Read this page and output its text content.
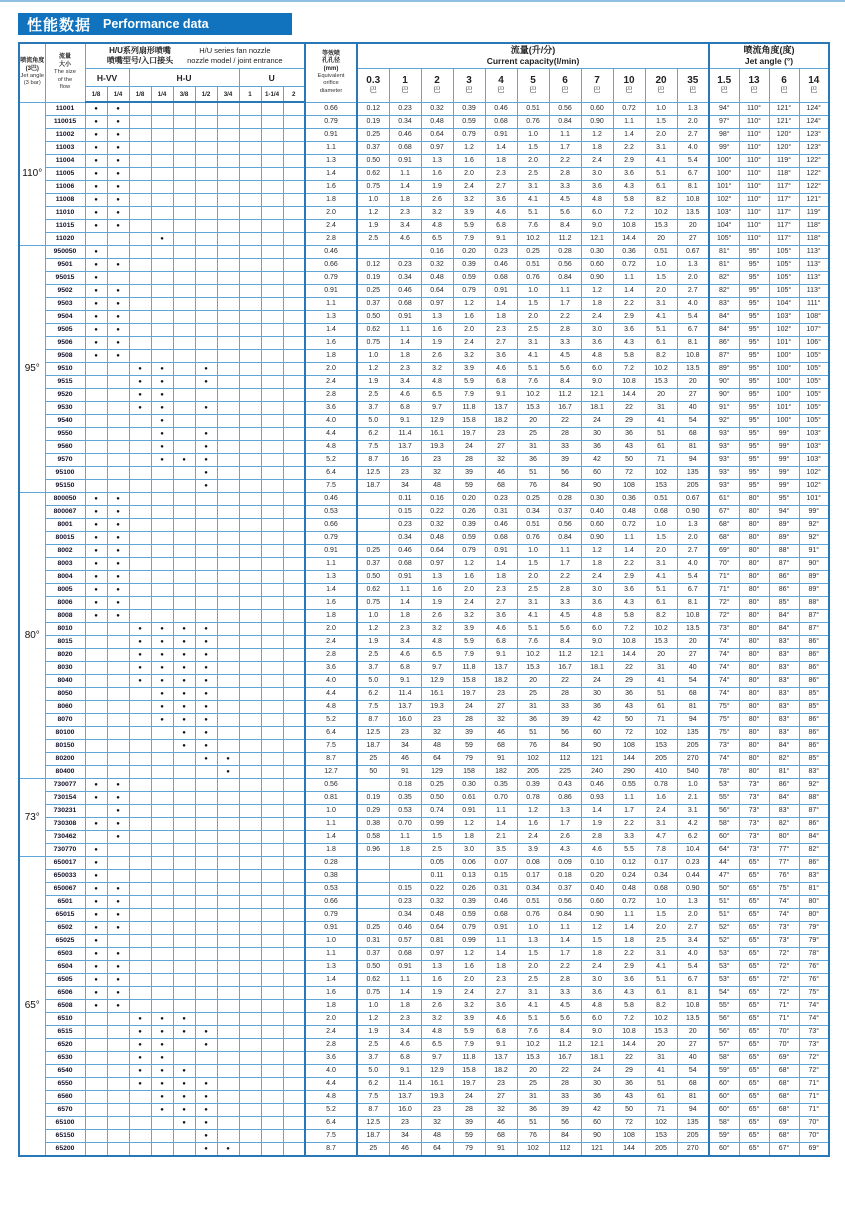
性能数据 Performance data
喷流角度
(3巴)
Jet angle
(3 bar)

流量
大小
The size
of the
flow

H/U系列扇形喷嘴
喷嘴型号/入口接头
H/U series fan nozzle
nozzle model / joint entrance

等效喷
孔孔径
(mm)
Equivalent
orifice
diameter

流量(升/分)
Current capacity(l/min)

喷流角度(度)
Jet angle (°)

H-VV	H-U	U	0.3
巴

1
巴

2
巴

3
巴

4
巴

5
巴

6
巴

7
巴

10
巴

20
巴

35
巴

1.5
巴

13
巴

6
巴

14
巴

		1/8	1/4	1/8	1/4	3/8	1/2	3/4	1	1-1/4	2																
110°	11001	●	●									0.66	0.12	0.23	0.32	0.39	0.46	0.51	0.56	0.60	0.72	1.0	1.3	94°	110°	121°	124°
	110015	●	●									0.79	0.19	0.34	0.48	0.59	0.68	0.76	0.84	0.90	1.1	1.5	2.0	97°	110°	121°	124°
	11002	●	●									0.91	0.25	0.46	0.64	0.79	0.91	1.0	1.1	1.2	1.4	2.0	2.7	98°	110°	120°	123°
	11003	●	●									1.1	0.37	0.68	0.97	1.2	1.4	1.5	1.7	1.8	2.2	3.1	4.0	99°	110°	120°	123°
	11004	●	●									1.3	0.50	0.91	1.3	1.6	1.8	2.0	2.2	2.4	2.9	4.1	5.4	100°	110°	119°	122°
	11005	●	●									1.4	0.62	1.1	1.6	2.0	2.3	2.5	2.8	3.0	3.6	5.1	6.7	100°	110°	118°	122°
	11006	●	●									1.6	0.75	1.4	1.9	2.4	2.7	3.1	3.3	3.6	4.3	6.1	8.1	101°	110°	117°	122°
	11008	●	●									1.8	1.0	1.8	2.6	3.2	3.6	4.1	4.5	4.8	5.8	8.2	10.8	102°	110°	117°	121°
	11010	●	●									2.0	1.2	2.3	3.2	3.9	4.6	5.1	5.6	6.0	7.2	10.2	13.5	103°	110°	117°	119°
	11015	●	●									2.4	1.9	3.4	4.8	5.9	6.8	7.6	8.4	9.0	10.8	15.3	20	104°	110°	117°	118°
	11020				●							2.8	2.5	4.6	6.5	7.9	9.1	10.2	11.2	12.1	14.4	20	27	105°	110°	117°	118°
95°	950050	●										0.46			0.16	0.20	0.23	0.25	0.28	0.30	0.36	0.51	0.67	81°	95°	105°	113°
	9501	●	●									0.66	0.12	0.23	0.32	0.39	0.46	0.51	0.56	0.60	0.72	1.0	1.3	81°	95°	105°	113°
	95015	●										0.79	0.19	0.34	0.48	0.59	0.68	0.76	0.84	0.90	1.1	1.5	2.0	82°	95°	105°	113°
	9502	●	●									0.91	0.25	0.46	0.64	0.79	0.91	1.0	1.1	1.2	1.4	2.0	2.7	82°	95°	105°	113°
	9503	●	●									1.1	0.37	0.68	0.97	1.2	1.4	1.5	1.7	1.8	2.2	3.1	4.0	83°	95°	104°	111°
	9504	●	●									1.3	0.50	0.91	1.3	1.6	1.8	2.0	2.2	2.4	2.9	4.1	5.4	84°	95°	103°	108°
	9505	●	●									1.4	0.62	1.1	1.6	2.0	2.3	2.5	2.8	3.0	3.6	5.1	6.7	84°	95°	102°	107°
	9506	●	●									1.6	0.75	1.4	1.9	2.4	2.7	3.1	3.3	3.6	4.3	6.1	8.1	86°	95°	101°	106°
	9508	●	●									1.8	1.0	1.8	2.6	3.2	3.6	4.1	4.5	4.8	5.8	8.2	10.8	87°	95°	100°	105°
	9510			●	●		●					2.0	1.2	2.3	3.2	3.9	4.6	5.1	5.6	6.0	7.2	10.2	13.5	89°	95°	100°	105°
	9515			●	●		●					2.4	1.9	3.4	4.8	5.9	6.8	7.6	8.4	9.0	10.8	15.3	20	90°	95°	100°	105°
	9520			●	●							2.8	2.5	4.6	6.5	7.9	9.1	10.2	11.2	12.1	14.4	20	27	90°	95°	100°	105°
	9530			●	●		●					3.6	3.7	6.8	9.7	11.8	13.7	15.3	16.7	18.1	22	31	40	91°	95°	101°	105°
	9540				●							4.0	5.0	9.1	12.9	15.8	18.2	20	22	24	29	41	54	92°	95°	100°	105°
	9550				●		●					4.4	6.2	11.4	16.1	19.7	23	25	28	30	36	51	68	93°	95°	99°	103°
	9560				●		●					4.8	7.5	13.7	19.3	24	27	31	33	36	43	61	81	93°	95°	99°	103°
	9570				●	●	●					5.2	8.7	16	23	28	32	36	39	42	50	71	94	93°	95°	99°	103°
	95100						●					6.4	12.5	23	32	39	46	51	56	60	72	102	135	93°	95°	99°	102°
	95150						●					7.5	18.7	34	48	59	68	76	84	90	108	153	205	93°	95°	99°	102°
80°	800050	●	●									0.46		0.11	0.16	0.20	0.23	0.25	0.28	0.30	0.36	0.51	0.67	61°	80°	95°	101°
	800067	●	●									0.53		0.15	0.22	0.26	0.31	0.34	0.37	0.40	0.48	0.68	0.90	67°	80°	94°	99°
	8001	●	●									0.66		0.23	0.32	0.39	0.46	0.51	0.56	0.60	0.72	1.0	1.3	68°	80°	89°	92°
	80015	●	●									0.79		0.34	0.48	0.59	0.68	0.76	0.84	0.90	1.1	1.5	2.0	68°	80°	89°	92°
	8002	●	●									0.91	0.25	0.46	0.64	0.79	0.91	1.0	1.1	1.2	1.4	2.0	2.7	69°	80°	88°	91°
	8003	●	●									1.1	0.37	0.68	0.97	1.2	1.4	1.5	1.7	1.8	2.2	3.1	4.0	70°	80°	87°	90°
	8004	●	●									1.3	0.50	0.91	1.3	1.6	1.8	2.0	2.2	2.4	2.9	4.1	5.4	71°	80°	86°	89°
	8005	●	●									1.4	0.62	1.1	1.6	2.0	2.3	2.5	2.8	3.0	3.6	5.1	6.7	71°	80°	86°	89°
	8006	●	●									1.6	0.75	1.4	1.9	2.4	2.7	3.1	3.3	3.6	4.3	6.1	8.1	72°	80°	85°	88°
	8008	●	●									1.8	1.0	1.8	2.6	3.2	3.6	4.1	4.5	4.8	5.8	8.2	10.8	72°	80°	84°	87°
	8010			●	●	●	●					2.0	1.2	2.3	3.2	3.9	4.6	5.1	5.6	6.0	7.2	10.2	13.5	73°	80°	84°	87°
	8015			●	●	●	●					2.4	1.9	3.4	4.8	5.9	6.8	7.6	8.4	9.0	10.8	15.3	20	74°	80°	83°	86°
	8020			●	●	●	●					2.8	2.5	4.6	6.5	7.9	9.1	10.2	11.2	12.1	14.4	20	27	74°	80°	83°	86°
	8030			●	●	●	●					3.6	3.7	6.8	9.7	11.8	13.7	15.3	16.7	18.1	22	31	40	74°	80°	83°	86°
	8040			●	●	●	●					4.0	5.0	9.1	12.9	15.8	18.2	20	22	24	29	41	54	74°	80°	83°	86°
	8050				●	●	●					4.4	6.2	11.4	16.1	19.7	23	25	28	30	36	51	68	74°	80°	83°	85°
	8060				●	●	●					4.8	7.5	13.7	19.3	24	27	31	33	36	43	61	81	75°	80°	83°	85°
	8070				●	●	●					5.2	8.7	16.0	23	28	32	36	39	42	50	71	94	75°	80°	83°	86°
	80100					●	●					6.4	12.5	23	32	39	46	51	56	60	72	102	135	75°	80°	83°	86°
	80150					●	●					7.5	18.7	34	48	59	68	76	84	90	108	153	205	73°	80°	84°	86°
	80200						●	●				8.7	25	46	64	79	91	102	112	121	144	205	270	74°	80°	82°	85°
	80400							●				12.7	50	91	129	158	182	205	225	240	290	410	540	78°	80°	81°	83°
73°	730077	●	●									0.56		0.18	0.25	0.30	0.35	0.39	0.43	0.46	0.55	0.78	1.0	53°	73°	86°	92°
	730154	●	●									0.81	0.19	0.35	0.50	0.61	0.70	0.78	0.86	0.93	1.1	1.6	2.1	55°	73°	84°	88°
	730231		●									1.0	0.29	0.53	0.74	0.91	1.1	1.2	1.3	1.4	1.7	2.4	3.1	56°	73°	83°	87°
	730308	●	●									1.1	0.38	0.70	0.99	1.2	1.4	1.6	1.7	1.9	2.2	3.1	4.2	58°	73°	82°	86°
	730462		●									1.4	0.58	1.1	1.5	1.8	2.1	2.4	2.6	2.8	3.3	4.7	6.2	60°	73°	80°	84°
	730770	●										1.8	0.96	1.8	2.5	3.0	3.5	3.9	4.3	4.6	5.5	7.8	10.4	64°	73°	77°	82°
65°	650017	●										0.28			0.05	0.06	0.07	0.08	0.09	0.10	0.12	0.17	0.23	44°	65°	77°	86°
	650033	●										0.38			0.11	0.13	0.15	0.17	0.18	0.20	0.24	0.34	0.44	47°	65°	76°	83°
	650067	●	●									0.53		0.15	0.22	0.26	0.31	0.34	0.37	0.40	0.48	0.68	0.90	50°	65°	75°	81°
	6501	●	●									0.66		0.23	0.32	0.39	0.46	0.51	0.56	0.60	0.72	1.0	1.3	51°	65°	74°	80°
	65015	●	●									0.79		0.34	0.48	0.59	0.68	0.76	0.84	0.90	1.1	1.5	2.0	51°	65°	74°	80°
	6502	●	●									0.91	0.25	0.46	0.64	0.79	0.91	1.0	1.1	1.2	1.4	2.0	2.7	52°	65°	73°	79°
	65025	●										1.0	0.31	0.57	0.81	0.99	1.1	1.3	1.4	1.5	1.8	2.5	3.4	52°	65°	73°	79°
	6503	●	●									1.1	0.37	0.68	0.97	1.2	1.4	1.5	1.7	1.8	2.2	3.1	4.0	53°	65°	72°	78°
	6504	●	●									1.3	0.50	0.91	1.3	1.6	1.8	2.0	2.2	2.4	2.9	4.1	5.4	53°	65°	72°	76°
	6505	●	●									1.4	0.62	1.1	1.6	2.0	2.3	2.5	2.8	3.0	3.6	5.1	6.7	53°	65°	72°	76°
	6506	●	●									1.6	0.75	1.4	1.9	2.4	2.7	3.1	3.3	3.6	4.3	6.1	8.1	54°	65°	72°	75°
	6508	●	●									1.8	1.0	1.8	2.6	3.2	3.6	4.1	4.5	4.8	5.8	8.2	10.8	55°	65°	71°	74°
	6510			●	●	●						2.0	1.2	2.3	3.2	3.9	4.6	5.1	5.6	6.0	7.2	10.2	13.5	56°	65°	71°	74°
	6515			●	●	●	●					2.4	1.9	3.4	4.8	5.9	6.8	7.6	8.4	9.0	10.8	15.3	20	56°	65°	70°	73°
	6520			●	●		●					2.8	2.5	4.6	6.5	7.9	9.1	10.2	11.2	12.1	14.4	20	27	57°	65°	70°	73°
	6530			●	●							3.6	3.7	6.8	9.7	11.8	13.7	15.3	16.7	18.1	22	31	40	58°	65°	69°	72°
	6540			●	●	●						4.0	5.0	9.1	12.9	15.8	18.2	20	22	24	29	41	54	59°	65°	68°	72°
	6550			●	●	●	●					4.4	6.2	11.4	16.1	19.7	23	25	28	30	36	51	68	60°	65°	68°	71°
	6560				●	●	●					4.8	7.5	13.7	19.3	24	27	31	33	36	43	61	81	60°	65°	68°	71°
	6570				●	●	●					5.2	8.7	16.0	23	28	32	36	39	42	50	71	94	60°	65°	68°	71°
	65100					●	●					6.4	12.5	23	32	39	46	51	56	60	72	102	135	58°	65°	69°	70°
	65150						●					7.5	18.7	34	48	59	68	76	84	90	108	153	205	59°	65°	68°	70°
	65200						●	●				8.7	25	46	64	79	91	102	112	121	144	205	270	60°	65°	67°	69°
